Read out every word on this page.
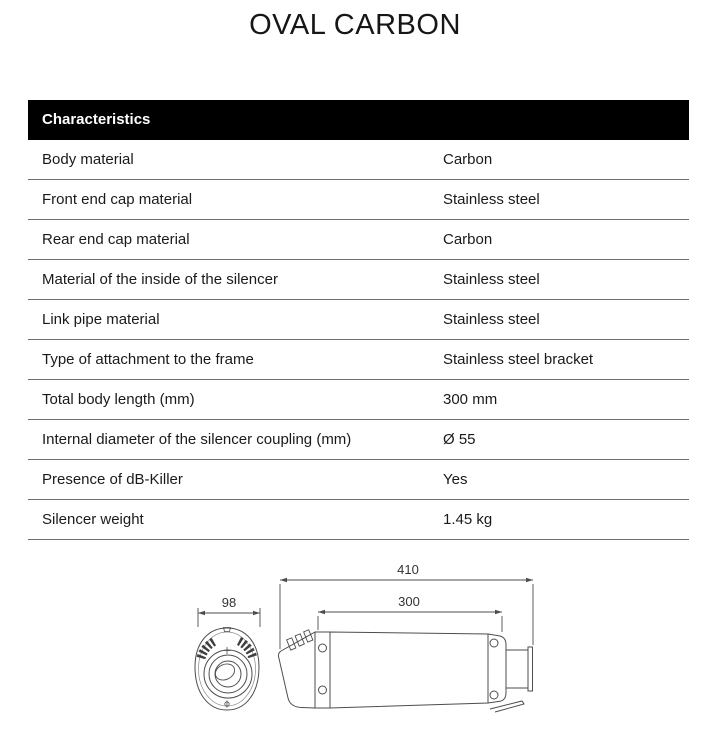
OVAL CARBON
Characteristics
Body material	Carbon
Front end cap material	Stainless steel
Rear end cap material	Carbon
Material of the inside of the silencer	Stainless steel
Link pipe material	Stainless steel
Type of attachment to the frame	Stainless steel bracket
Total body length (mm)	300 mm
Internal diameter of the silencer coupling (mm)	Ø 55
Presence of dB-Killer	Yes
Silencer weight	1.45 kg
98
410
300
